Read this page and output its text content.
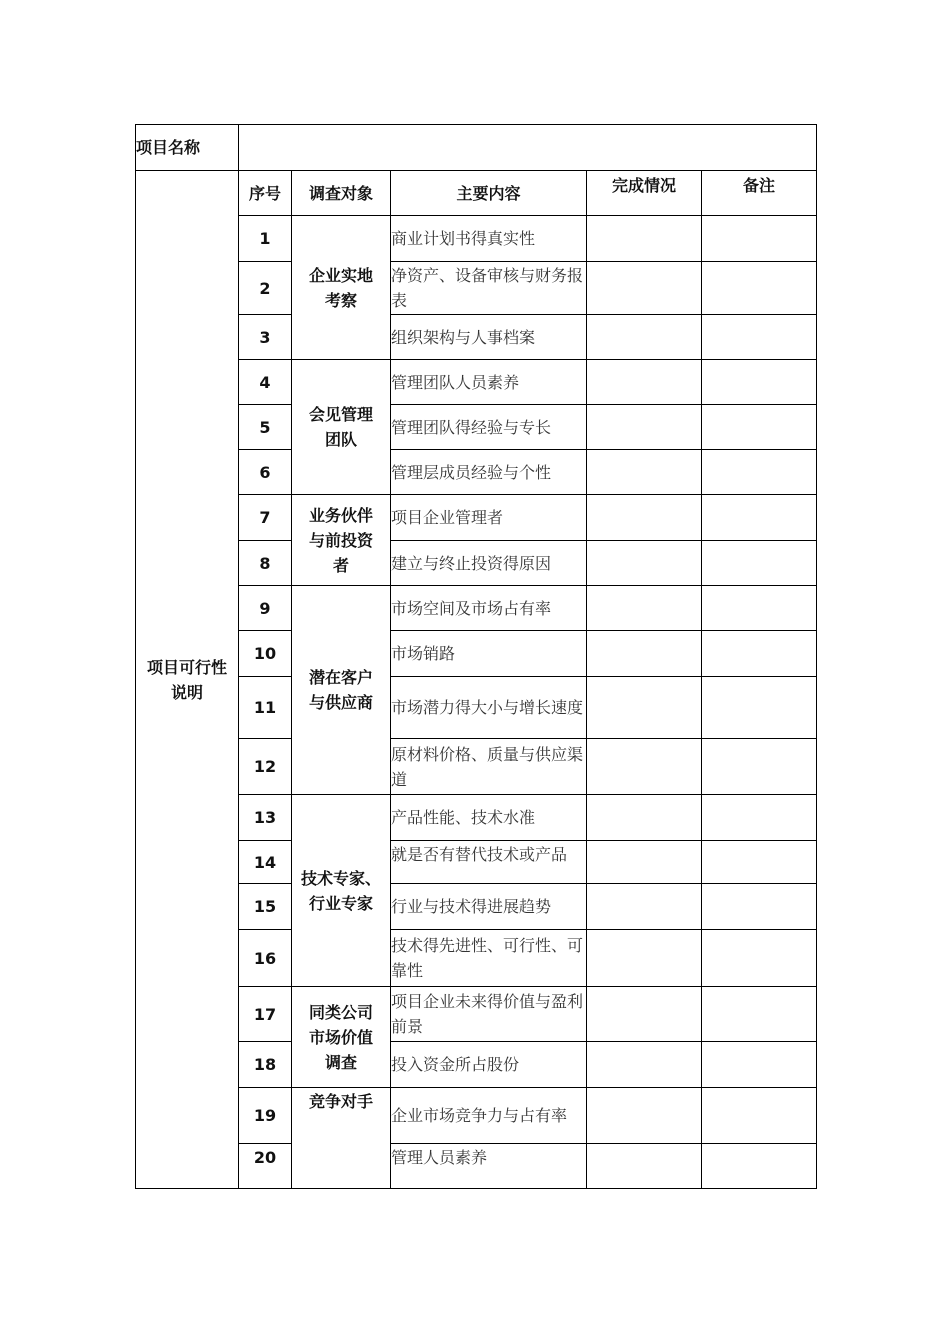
项目名称					

项目可行性说明	序号	调查对象	主要内容	完成情况	备注
	1	企业实地考察	商业计划书得真实性		
	2		净资产、设备审核与财务报表		
	3		组织架构与人事档案		
	4	会见管理团队	管理团队人员素养		
	5		管理团队得经验与专长		
	6		管理层成员经验与个性		
	7	业务伙伴与前投资者	项目企业管理者		
	8		建立与终止投资得原因		
	9	潜在客户与供应商	市场空间及市场占有率		
	10		市场销路		
	11		市场潜力得大小与增长速度		
	12		原材料价格、质量与供应渠道		
	13	技术专家、行业专家	产品性能、技术水准		
	14		就是否有替代技术或产品		

	15		行业与技术得进展趋势		
	16		技术得先进性、可行性、可靠性		
	17	同类公司市场价值调查	项目企业未来得价值与盈利前景		
	18		投入资金所占股份		
	19	竞争对手	企业市场竞争力与占有率		
	20		管理人员素养		
